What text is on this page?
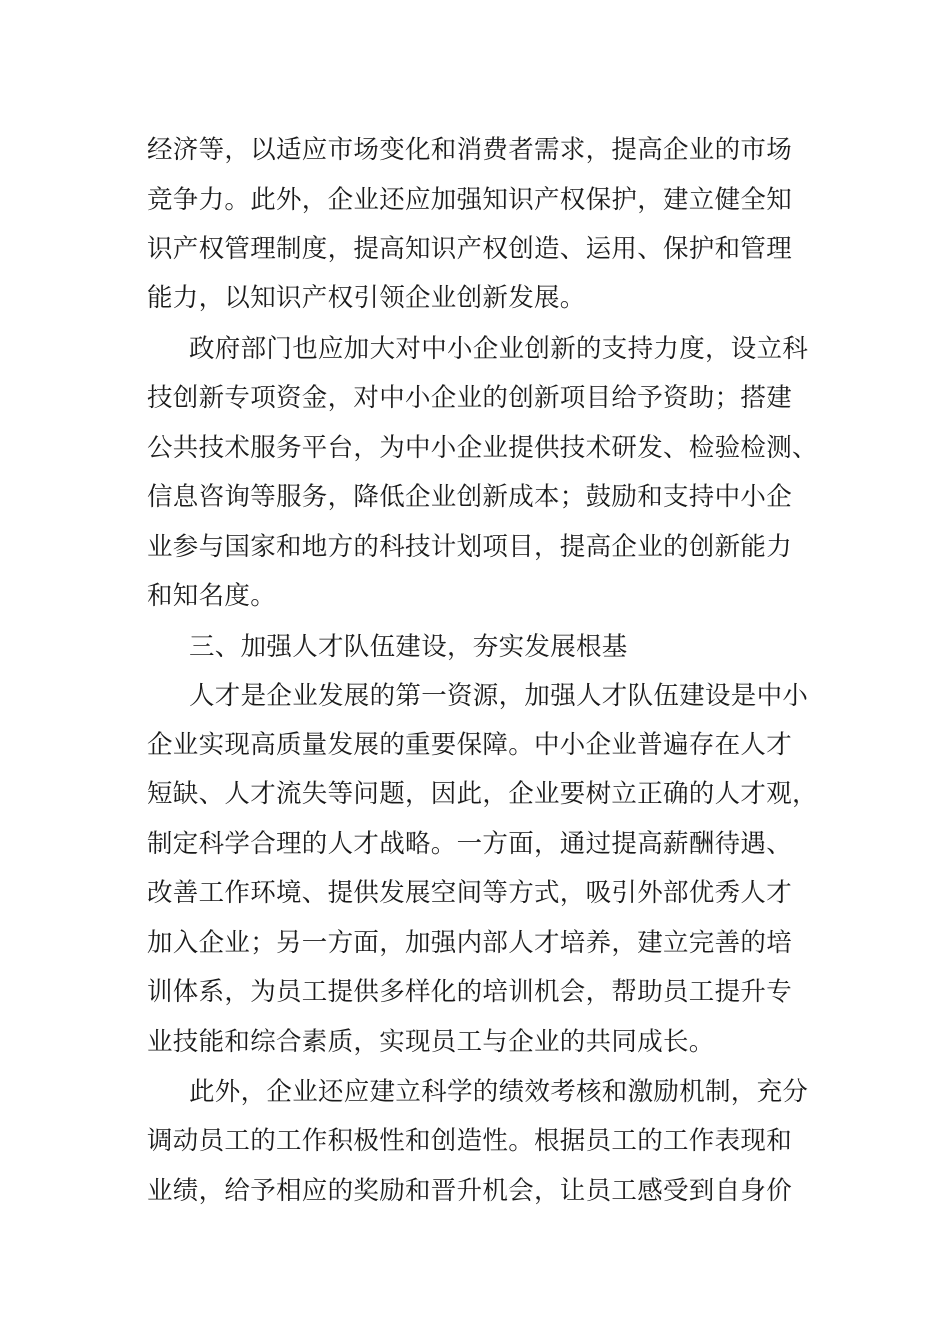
经济等，以适应市场变化和消费者需求，提高企业的市场
竞争力。此外，企业还应加强知识产权保护，建立健全知
识产权管理制度，提高知识产权创造、运用、保护和管理
能力，以知识产权引领企业创新发展。
政府部门也应加大对中小企业创新的支持力度，设立科
技创新专项资金，对中小企业的创新项目给予资助；搭建
公共技术服务平台，为中小企业提供技术研发、检验检测、
信息咨询等服务，降低企业创新成本；鼓励和支持中小企
业参与国家和地方的科技计划项目，提高企业的创新能力
和知名度。
三、加强人才队伍建设，夯实发展根基
人才是企业发展的第一资源，加强人才队伍建设是中小
企业实现高质量发展的重要保障。中小企业普遍存在人才
短缺、人才流失等问题，因此，企业要树立正确的人才观，
制定科学合理的人才战略。一方面，通过提高薪酬待遇、
改善工作环境、提供发展空间等方式，吸引外部优秀人才
加入企业；另一方面，加强内部人才培养，建立完善的培
训体系，为员工提供多样化的培训机会，帮助员工提升专
业技能和综合素质，实现员工与企业的共同成长。
此外，企业还应建立科学的绩效考核和激励机制，充分
调动员工的工作积极性和创造性。根据员工的工作表现和
业绩，给予相应的奖励和晋升机会，让员工感受到自身价
